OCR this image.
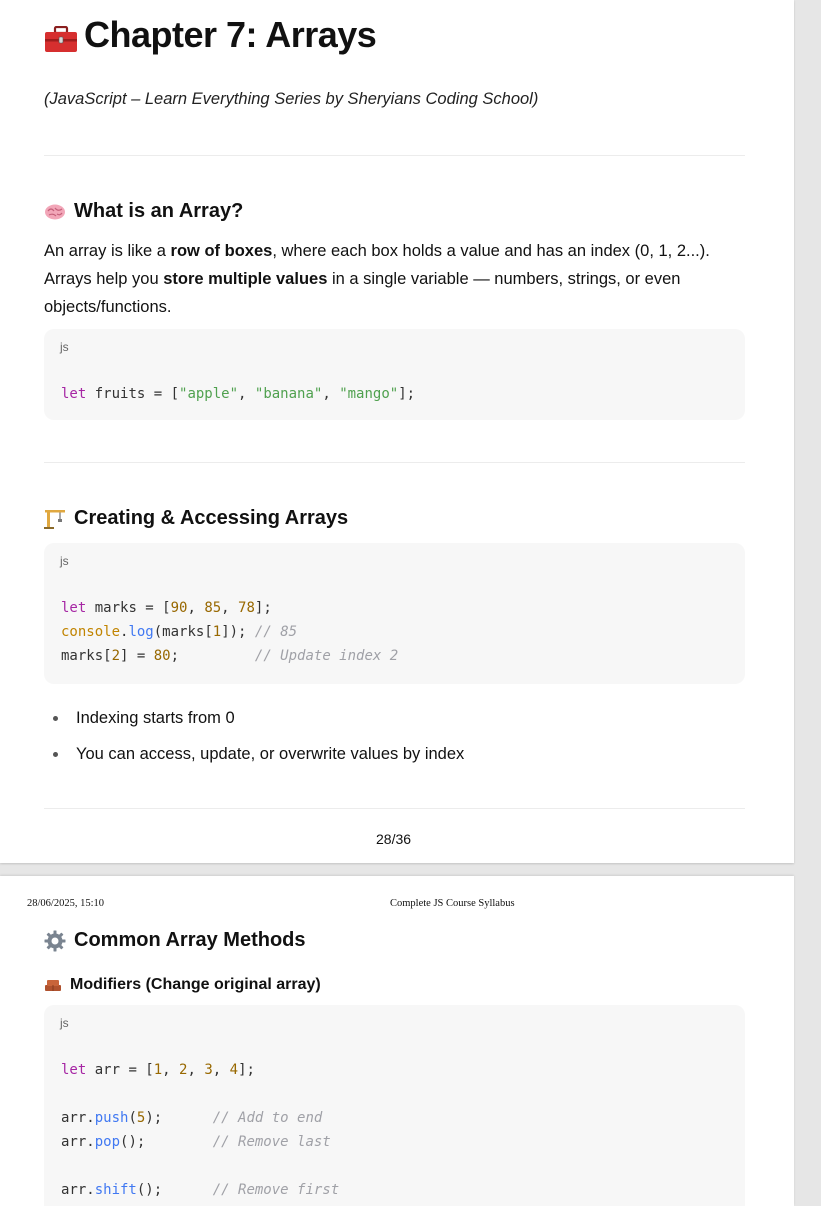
Chapter 7: Arrays
(JavaScript – Learn Everything Series by Sheryians Coding School)
What is an Array?

An array is like a row of boxes, where each box holds a value and has an index (0, 1, 2...). Arrays help you store multiple values in a single variable — numbers, strings, or even objects/functions.

js
let fruits = ["apple", "banana", "mango"];
Creating & Accessing Arrays
js
let marks = [90, 85, 78];
console.log(marks[1]); // 85
marks[2] = 80;         // Update index 2
Indexing starts from 0
You can access, update, or overwrite values by index
28/36
28/06/2025, 15:10	Complete JS Course Syllabus
Common Array Methods
Modifiers (Change original array)
js
let arr = [1, 2, 3, 4];

arr.push(5);      // Add to end
arr.pop();        // Remove last

arr.shift();      // Remove first
